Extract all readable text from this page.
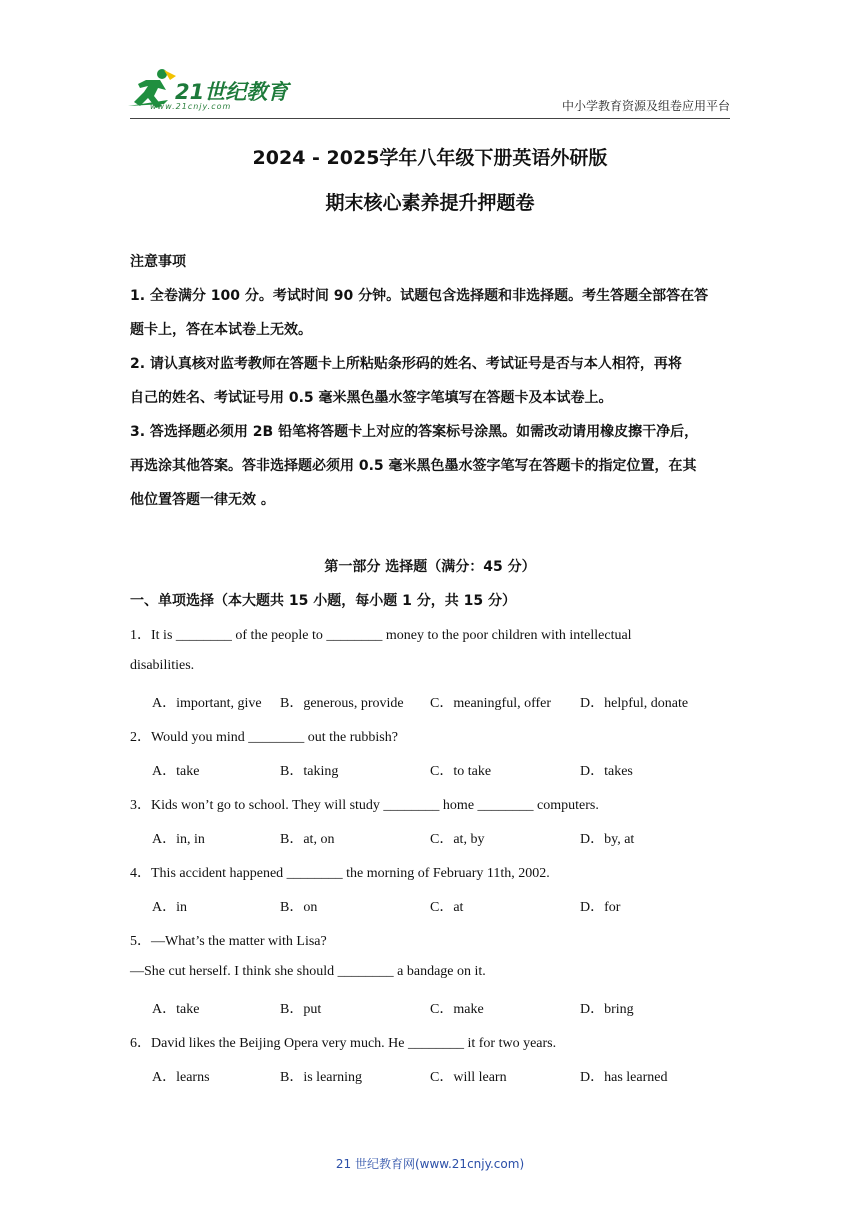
21世纪教育
www.21cnjy.com	中小学教育资源及组卷应用平台
2024 - 2025学年八年级下册英语外研版
期末核心素养提升押题卷
注意事项
1. 全卷满分 100 分。考试时间 90 分钟。试题包含选择题和非选择题。考生答题全部答在答
题卡上，答在本试卷上无效。
2. 请认真核对监考教师在答题卡上所粘贴条形码的姓名、考试证号是否与本人相符，再将
自己的姓名、考试证号用 0.5 毫米黑色墨水签字笔填写在答题卡及本试卷上。
3. 答选择题必须用 2B 铅笔将答题卡上对应的答案标号涂黑。如需改动请用橡皮擦干净后，
再选涂其他答案。答非选择题必须用 0.5 毫米黑色墨水签字笔写在答题卡的指定位置，在其
他位置答题一律无效 。
第一部分 选择题（满分：45 分）
一、单项选择（本大题共 15 小题，每小题 1 分，共 15 分）
1．It is ________ of the people to ________ money to the poor children with intellectual
disabilities.
A．important, give B．generous, provide C．meaningful, offer D．helpful, donate
2．Would you mind ________ out the rubbish?
A．take	B．taking	C．to take	D．takes
3．Kids won’t go to school. They will study ________ home ________ computers.
A．in, in	B．at, on	C．at, by	D．by, at
4．This accident happened ________ the morning of February 11th, 2002.
A．in	B．on	C．at	D．for
5．—What’s the matter with Lisa?
—She cut herself. I think she should ________ a bandage on it.
A．take	B．put	C．make	D．bring
6．David likes the Beijing Opera very much. He ________ it for two years.
A．learns	B．is learning	C．will learn	D．has learned
21 世纪教育网(www.21cnjy.com)
